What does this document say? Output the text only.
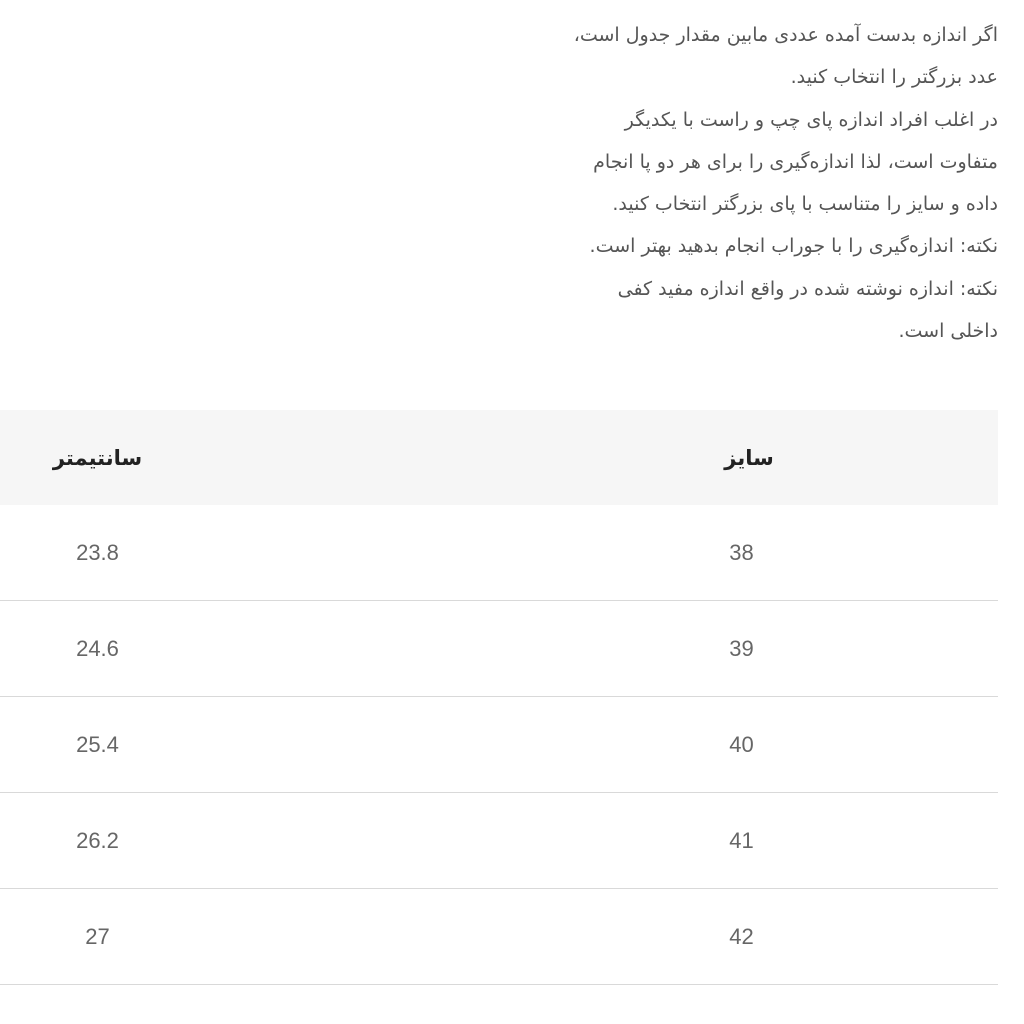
اگر اندازه بدست آمده عددی مابین مقدار جدول است،
عدد بزرگتر را انتخاب کنید.
در اغلب افراد اندازه پای چپ و راست با یکدیگر
متفاوت است، لذا اندازه‌گیری را برای هر دو پا انجام
داده و سایز را متناسب با پای بزرگتر انتخاب کنید.
نکته: اندازه‌گیری را با جوراب انجام بدهید بهتر است.
نکته: اندازه نوشته شده در واقع اندازه مفید کفی
داخلی است.
سانتیمتر	سایز
23.8	38
24.6	39
25.4	40
26.2	41
27	42
